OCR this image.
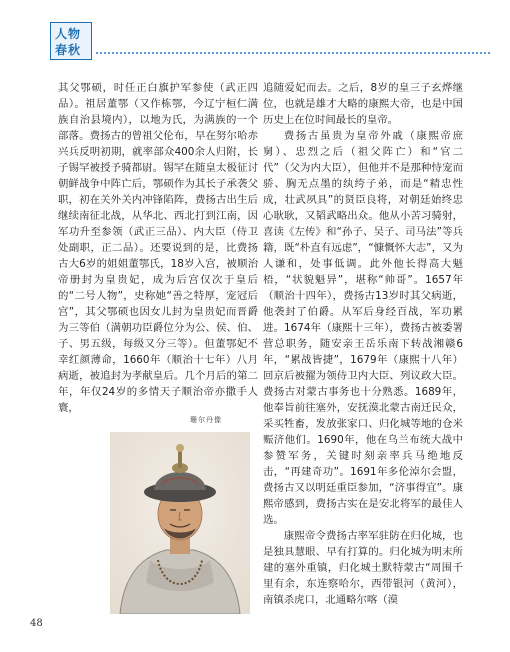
人物
春秋

其父鄂硕，时任正白旗护军参使（武正四品）。祖居董鄂（又作栋鄂，今辽宁桓仁满族自治县境内），以地为氏，为满族的一个部落。费扬古的曾祖父伦布，早在努尔哈赤兴兵反明初期，就率部众400余人归附，长子锡罕被授予骑都尉。锡罕在随皇太极征讨朝鲜战争中阵亡后，鄂硕作为其长子承袭父职，初在关外关内冲锋陷阵，费扬古出生后继续南征北战，从华北、西北打到江南，因军功升至参领（武正三品）、内大臣（侍卫处副职，正二品）。还要说到的是，比费扬古大6岁的姐姐董鄂氏，18岁入宫，被顺治帝册封为皇贵妃，成为后宫仅次于皇后的“二号人物”，史称她“善之特厚，宠冠后宫”，其父鄂硕也因女儿封为皇贵妃而晋爵为三等伯（满朝功臣爵位分为公、侯、伯、子、男五级，每级又分三等）。但董鄂妃不幸红颜薄命，1660年（顺治十七年）八月病逝，被追封为孝献皇后。几个月后的第二年，年仅24岁的多情天子顺治帝亦撒手人寰，

珊尔丹像

追随爱妃而去。之后，8岁的皇三子玄烨继位，也就是雄才大略的康熙大帝，也是中国历史上在位时间最长的皇帝。

费扬古虽贵为皇帝外戚（康熙帝庶舅）、忠烈之后（祖父阵亡）和“官二代”（父为内大臣），但他并不是那种恃宠而骄、胸无点墨的纨绔子弟，而是“精忠性成，壮武夙具”的贤臣良将，对朝廷始终忠心耿耿，又韬武略出众。他从小苦习骑射，喜读《左传》和“孙子、吴子、司马法”等兵籍，既“朴直有远虑”，“慷慨怀大志”，又为人谦和，处事低调。此外他长得高大魁梧，“状貌魁异”，堪称“帅哥”。1657年（顺治十四年），费扬古13岁时其父病逝，他袭封了伯爵。从军后身经百战，军功累进。1674年（康熙十三年），费扬古被委署营总职务，随安亲王岳乐南下转战湘赣6年，“累战皆捷”，1679年（康熙十八年）回京后被擢为领侍卫内大臣、列议政大臣。费扬古对蒙古事务也十分熟悉。1689年，他奉旨前往塞外，安抚漠北蒙古南迁民众，采买牲畜，发放张家口、归化城等地的仓米赈济他们。1690年，他在乌兰布统大战中参赞军务，关键时刻亲率兵马绝地反击，“再建奇功”。1691年多伦淖尔会盟，费扬古又以明廷重臣参加，“济事得宜”。康熙帝感到，费扬古实在是安北将军的最佳人选。

康熙帝令费扬古率军驻防在归化城，也是独具慧眼、早有打算的。归化城为明末所建的塞外重镇，归化城土默特蒙古“周围千里有余，东连察哈尔，西带银河（黄河），南镇杀虎口，北通略尔喀（漠

48
